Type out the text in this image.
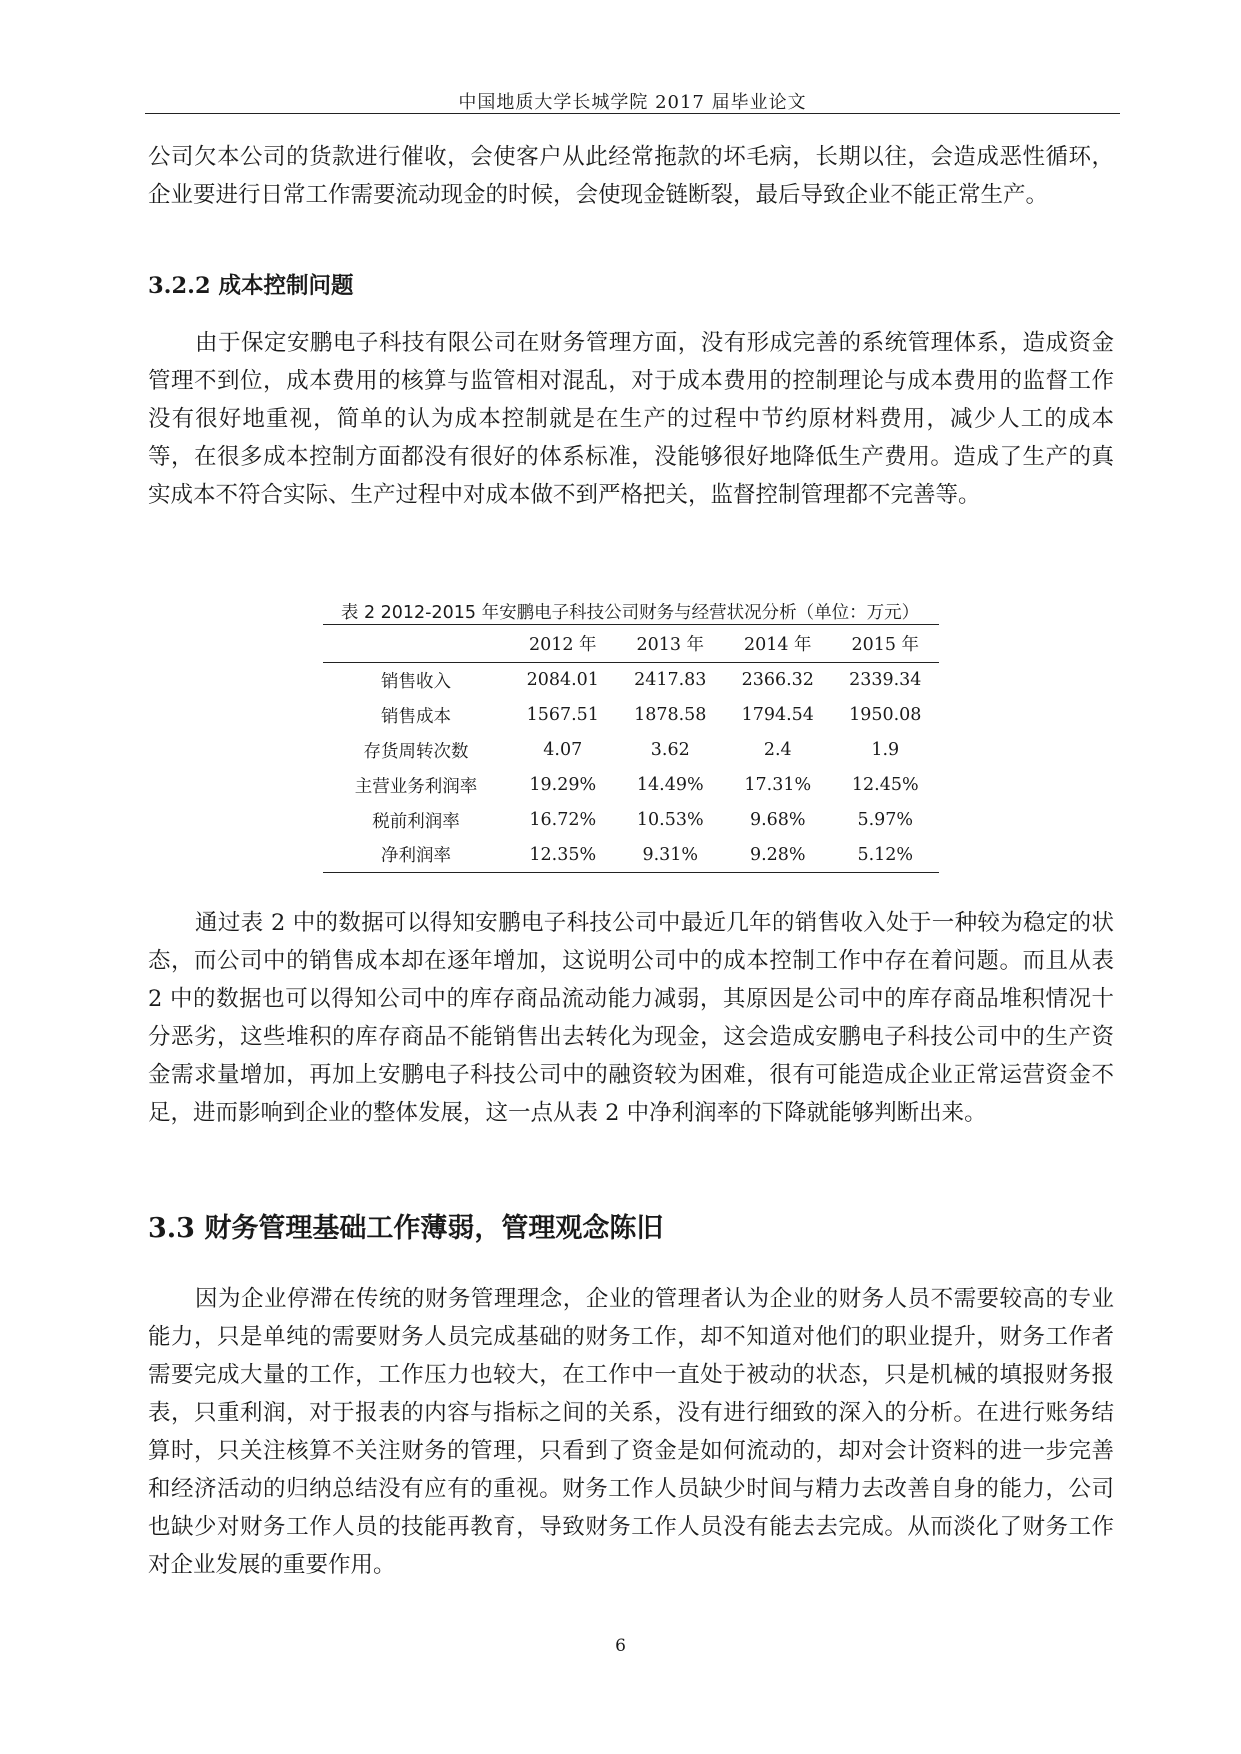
中国地质大学长城学院 2017 届毕业论文

公司欠本公司的货款进行催收，会使客户从此经常拖款的坏毛病，长期以往，会造成恶性循环，企业要进行日常工作需要流动现金的时候，会使现金链断裂，最后导致企业不能正常生产。

3.2.2 成本控制问题

由于保定安鹏电子科技有限公司在财务管理方面，没有形成完善的系统管理体系，造成资金管理不到位，成本费用的核算与监管相对混乱，对于成本费用的控制理论与成本费用的监督工作没有很好地重视，简单的认为成本控制就是在生产的过程中节约原材料费用，减少人工的成本等，在很多成本控制方面都没有很好的体系标准，没能够很好地降低生产费用。造成了生产的真实成本不符合实际、生产过程中对成本做不到严格把关，监督控制管理都不完善等。

表 2 2012-2015 年安鹏电子科技公司财务与经营状况分析（单位：万元）

	2012 年	2013 年	2014 年	2015 年
销售收入	2084.01	2417.83	2366.32	2339.34
销售成本	1567.51	1878.58	1794.54	1950.08
存货周转次数	4.07	3.62	2.4	1.9
主营业务利润率	19.29%	14.49%	17.31%	12.45%
税前利润率	16.72%	10.53%	9.68%	5.97%
净利润率	12.35%	9.31%	9.28%	5.12%

通过表 2 中的数据可以得知安鹏电子科技公司中最近几年的销售收入处于一种较为稳定的状态，而公司中的销售成本却在逐年增加，这说明公司中的成本控制工作中存在着问题。而且从表 2 中的数据也可以得知公司中的库存商品流动能力减弱，其原因是公司中的库存商品堆积情况十分恶劣，这些堆积的库存商品不能销售出去转化为现金，这会造成安鹏电子科技公司中的生产资金需求量增加，再加上安鹏电子科技公司中的融资较为困难，很有可能造成企业正常运营资金不足，进而影响到企业的整体发展，这一点从表 2 中净利润率的下降就能够判断出来。

3.3 财务管理基础工作薄弱，管理观念陈旧

因为企业停滞在传统的财务管理理念，企业的管理者认为企业的财务人员不需要较高的专业能力，只是单纯的需要财务人员完成基础的财务工作，却不知道对他们的职业提升，财务工作者需要完成大量的工作，工作压力也较大，在工作中一直处于被动的状态，只是机械的填报财务报表，只重利润，对于报表的内容与指标之间的关系，没有进行细致的深入的分析。在进行账务结算时，只关注核算不关注财务的管理，只看到了资金是如何流动的，却对会计资料的进一步完善和经济活动的归纳总结没有应有的重视。财务工作人员缺少时间与精力去改善自身的能力，公司也缺少对财务工作人员的技能再教育，导致财务工作人员没有能去去完成。从而淡化了财务工作对企业发展的重要作用。

6
